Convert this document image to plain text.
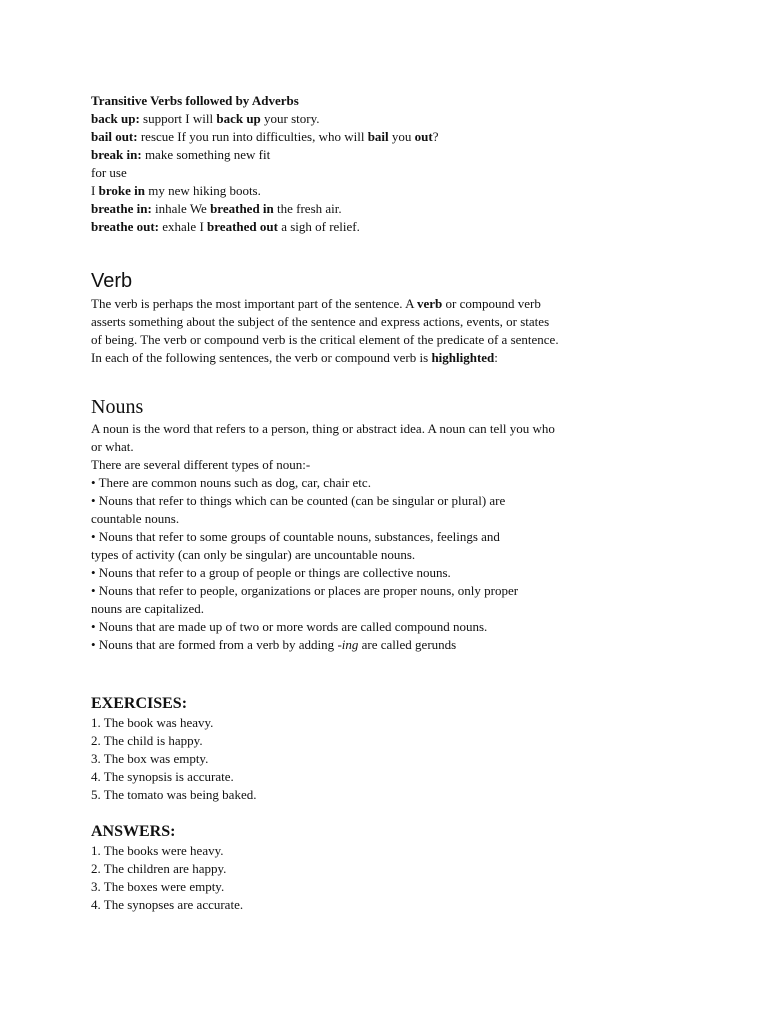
Transitive Verbs followed by Adverbs
back up: support I will back up your story.
bail out: rescue If you run into difficulties, who will bail you out?
break in: make something new fit
for use
I broke in my new hiking boots.
breathe in: inhale We breathed in the fresh air.
breathe out: exhale I breathed out a sigh of relief.
Verb
The verb is perhaps the most important part of the sentence. A verb or compound verb
asserts something about the subject of the sentence and express actions, events, or states
of being. The verb or compound verb is the critical element of the predicate of a sentence.
In each of the following sentences, the verb or compound verb is highlighted:
Nouns
A noun is the word that refers to a person, thing or abstract idea. A noun can tell you who
or what.
There are several different types of noun:-
• There are common nouns such as dog, car, chair etc.
• Nouns that refer to things which can be counted (can be singular or plural) are
countable nouns.
• Nouns that refer to some groups of countable nouns, substances, feelings and
types of activity (can only be singular) are uncountable nouns.
• Nouns that refer to a group of people or things are collective nouns.
• Nouns that refer to people, organizations or places are proper nouns, only proper
nouns are capitalized.
• Nouns that are made up of two or more words are called compound nouns.
• Nouns that are formed from a verb by adding -ing are called gerunds
EXERCISES:
1. The book was heavy.
2. The child is happy.
3. The box was empty.
4. The synopsis is accurate.
5. The tomato was being baked.
ANSWERS:
1. The books were heavy.
2. The children are happy.
3. The boxes were empty.
4. The synopses are accurate.
